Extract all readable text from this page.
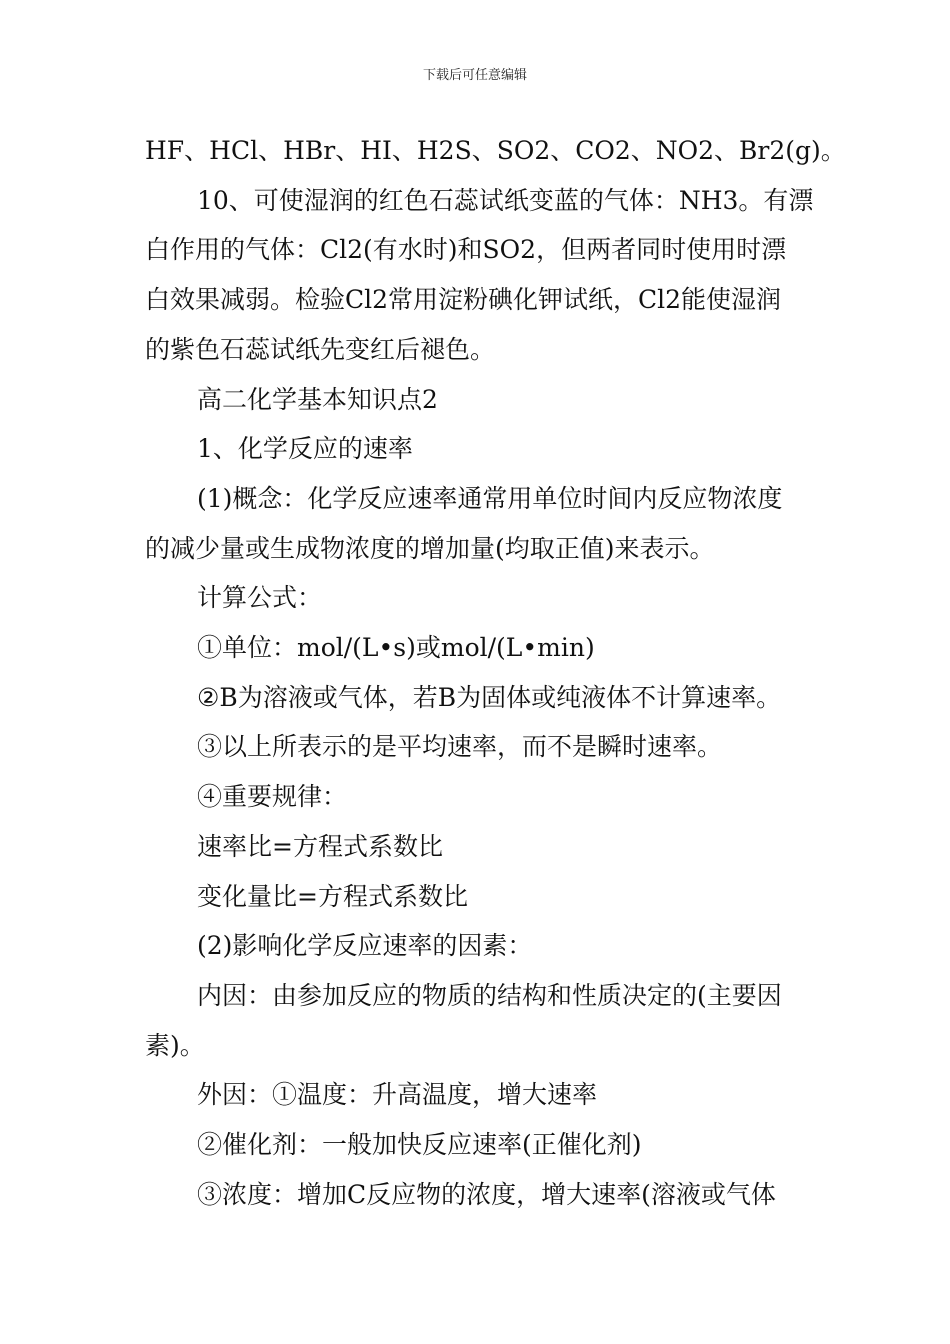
下载后可任意编辑
HF、HCl、HBr、HI、H2S、SO2、CO2、NO2、Br2(g)。
10、可使湿润的红色石蕊试纸变蓝的气体：NH3。有漂
白作用的气体：Cl2(有水时)和SO2，但两者同时使用时漂
白效果减弱。检验Cl2常用淀粉碘化钾试纸，Cl2能使湿润
的紫色石蕊试纸先变红后褪色。
高二化学基本知识点2
1、化学反应的速率
(1)概念：化学反应速率通常用单位时间内反应物浓度
的减少量或生成物浓度的增加量(均取正值)来表示。
计算公式：
①单位：mol/(L•s)或mol/(L•min)
②B为溶液或气体，若B为固体或纯液体不计算速率。
③以上所表示的是平均速率，而不是瞬时速率。
④重要规律：
速率比=方程式系数比
变化量比=方程式系数比
(2)影响化学反应速率的因素：
内因：由参加反应的物质的结构和性质决定的(主要因
素)。
外因：①温度：升高温度，增大速率
②催化剂：一般加快反应速率(正催化剂)
③浓度：增加C反应物的浓度，增大速率(溶液或气体
